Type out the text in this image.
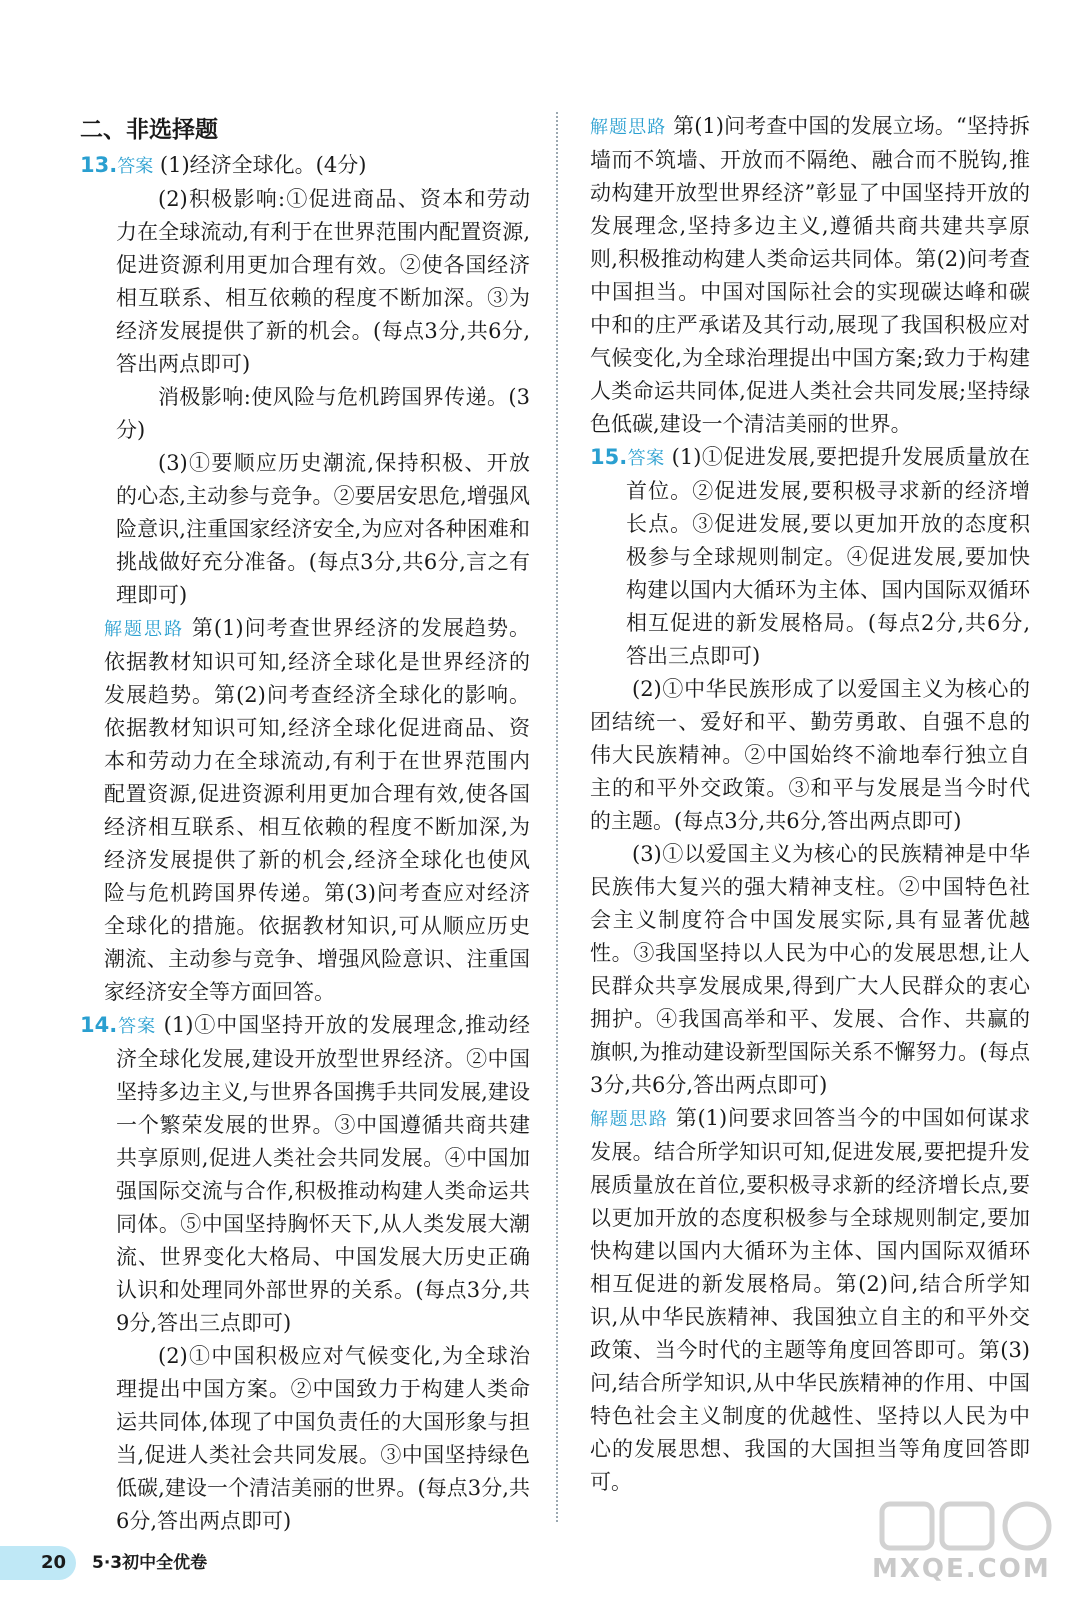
二、非选择题

13.答案 (1)经济全球化。(4分)

(2)积极影响:①促进商品、资本和劳动力在全球流动,有利于在世界范围内配置资源,促进资源利用更加合理有效。②使各国经济相互联系、相互依赖的程度不断加深。③为经济发展提供了新的机会。(每点3分,共6分,答出两点即可)

消极影响:使风险与危机跨国界传递。(3分)

(3)①要顺应历史潮流,保持积极、开放的心态,主动参与竞争。②要居安思危,增强风险意识,注重国家经济安全,为应对各种困难和挑战做好充分准备。(每点3分,共6分,言之有理即可)

解题思路 第(1)问考查世界经济的发展趋势。依据教材知识可知,经济全球化是世界经济的发展趋势。第(2)问考查经济全球化的影响。依据教材知识可知,经济全球化促进商品、资本和劳动力在全球流动,有利于在世界范围内配置资源,促进资源利用更加合理有效,使各国经济相互联系、相互依赖的程度不断加深,为经济发展提供了新的机会,经济全球化也使风险与危机跨国界传递。第(3)问考查应对经济全球化的措施。依据教材知识,可从顺应历史潮流、主动参与竞争、增强风险意识、注重国家经济安全等方面回答。

14.答案 (1)①中国坚持开放的发展理念,推动经济全球化发展,建设开放型世界经济。②中国坚持多边主义,与世界各国携手共同发展,建设一个繁荣发展的世界。③中国遵循共商共建共享原则,促进人类社会共同发展。④中国加强国际交流与合作,积极推动构建人类命运共同体。⑤中国坚持胸怀天下,从人类发展大潮流、世界变化大格局、中国发展大历史正确认识和处理同外部世界的关系。(每点3分,共9分,答出三点即可)

(2)①中国积极应对气候变化,为全球治理提出中国方案。②中国致力于构建人类命运共同体,体现了中国负责任的大国形象与担当,促进人类社会共同发展。③中国坚持绿色低碳,建设一个清洁美丽的世界。(每点3分,共6分,答出两点即可)

解题思路 第(1)问考查中国的发展立场。“坚持拆墙而不筑墙、开放而不隔绝、融合而不脱钩,推动构建开放型世界经济”彰显了中国坚持开放的发展理念,坚持多边主义,遵循共商共建共享原则,积极推动构建人类命运共同体。第(2)问考查中国担当。中国对国际社会的实现碳达峰和碳中和的庄严承诺及其行动,展现了我国积极应对气候变化,为全球治理提出中国方案;致力于构建人类命运共同体,促进人类社会共同发展;坚持绿色低碳,建设一个清洁美丽的世界。

15.答案 (1)①促进发展,要把提升发展质量放在首位。②促进发展,要积极寻求新的经济增长点。③促进发展,要以更加开放的态度积极参与全球规则制定。④促进发展,要加快构建以国内大循环为主体、国内国际双循环相互促进的新发展格局。(每点2分,共6分,答出三点即可)

(2)①中华民族形成了以爱国主义为核心的团结统一、爱好和平、勤劳勇敢、自强不息的伟大民族精神。②中国始终不渝地奉行独立自主的和平外交政策。③和平与发展是当今时代的主题。(每点3分,共6分,答出两点即可)

(3)①以爱国主义为核心的民族精神是中华民族伟大复兴的强大精神支柱。②中国特色社会主义制度符合中国发展实际,具有显著优越性。③我国坚持以人民为中心的发展思想,让人民群众共享发展成果,得到广大人民群众的衷心拥护。④我国高举和平、发展、合作、共赢的旗帜,为推动建设新型国际关系不懈努力。(每点3分,共6分,答出两点即可)

解题思路 第(1)问要求回答当今的中国如何谋求发展。结合所学知识可知,促进发展,要把提升发展质量放在首位,要积极寻求新的经济增长点,要以更加开放的态度积极参与全球规则制定,要加快构建以国内大循环为主体、国内国际双循环相互促进的新发展格局。第(2)问,结合所学知识,从中华民族精神、我国独立自主的和平外交政策、当今时代的主题等角度回答即可。第(3)问,结合所学知识,从中华民族精神的作用、中国特色社会主义制度的优越性、坚持以人民为中心的发展思想、我国的大国担当等角度回答即可。

20	5·3初中全优卷	MXQE.COM
